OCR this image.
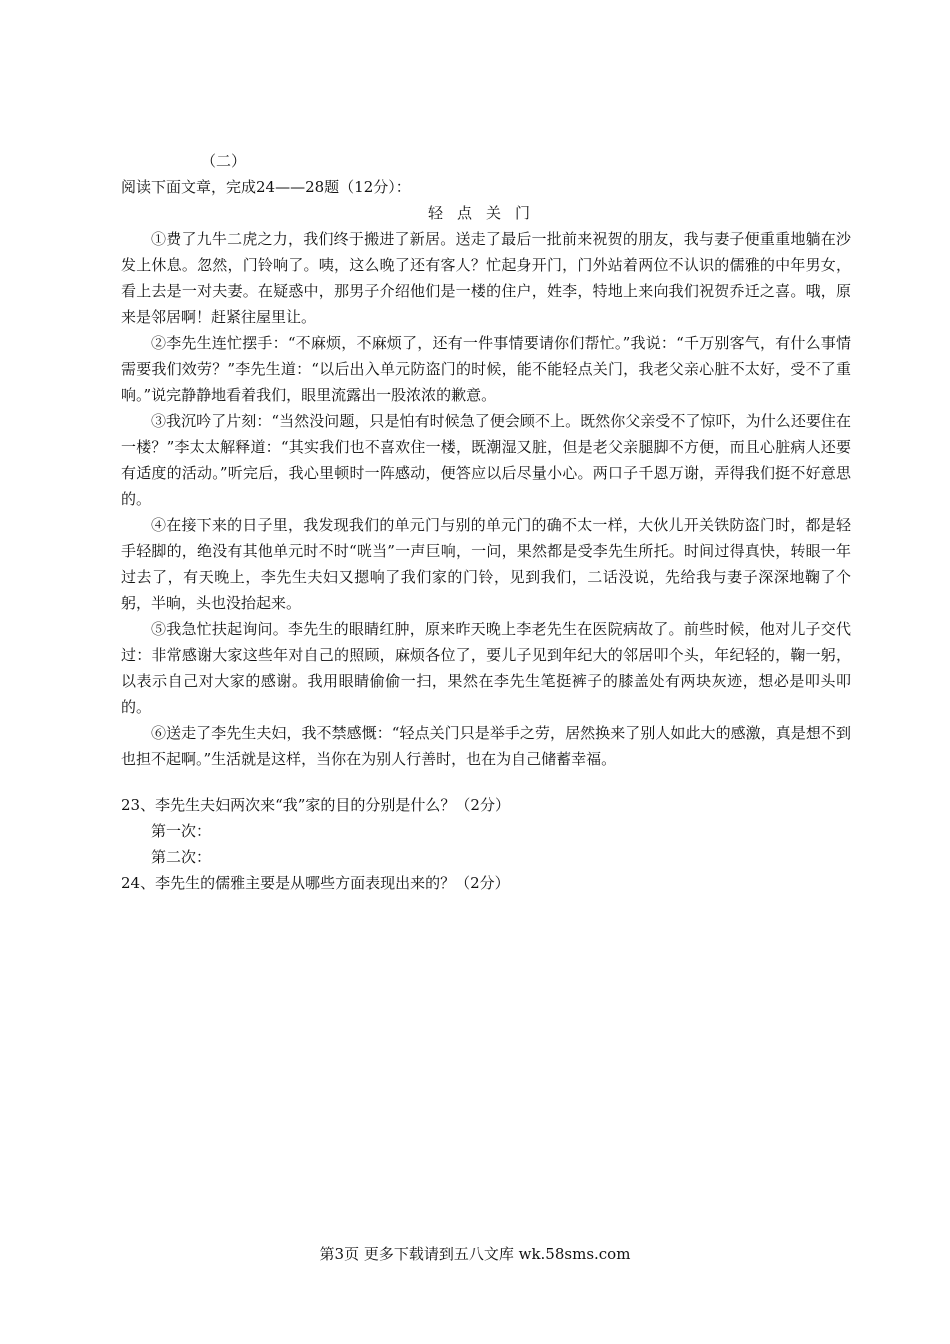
（二）
阅读下面文章，完成24——28题（12分）：
轻点关门

①费了九牛二虎之力，我们终于搬进了新居。送走了最后一批前来祝贺的朋友，我与妻子便重重地躺在沙发上休息。忽然，门铃响了。咦，这么晚了还有客人？忙起身开门，门外站着两位不认识的儒雅的中年男女，看上去是一对夫妻。在疑惑中，那男子介绍他们是一楼的住户，姓李，特地上来向我们祝贺乔迁之喜。哦，原来是邻居啊！赶紧往屋里让。

②李先生连忙摆手：“不麻烦，不麻烦了，还有一件事情要请你们帮忙。”我说：“千万别客气，有什么事情需要我们效劳？”李先生道：“以后出入单元防盗门的时候，能不能轻点关门，我老父亲心脏不太好，受不了重响。”说完静静地看着我们，眼里流露出一股浓浓的歉意。

③我沉吟了片刻：“当然没问题，只是怕有时候急了便会顾不上。既然你父亲受不了惊吓，为什么还要住在一楼？”李太太解释道：“其实我们也不喜欢住一楼，既潮湿又脏，但是老父亲腿脚不方便，而且心脏病人还要有适度的活动。”听完后，我心里顿时一阵感动，便答应以后尽量小心。两口子千恩万谢，弄得我们挺不好意思的。

④在接下来的日子里，我发现我们的单元门与别的单元门的确不太一样，大伙儿开关铁防盗门时，都是轻手轻脚的，绝没有其他单元时不时“咣当”一声巨响，一问，果然都是受李先生所托。时间过得真快，转眼一年过去了，有天晚上，李先生夫妇又摁响了我们家的门铃，见到我们，二话没说，先给我与妻子深深地鞠了个躬，半晌，头也没抬起来。

⑤我急忙扶起询问。李先生的眼睛红肿，原来昨天晚上李老先生在医院病故了。前些时候，他对儿子交代过：非常感谢大家这些年对自己的照顾，麻烦各位了，要儿子见到年纪大的邻居叩个头，年纪轻的，鞠一躬，以表示自己对大家的感谢。我用眼睛偷偷一扫，果然在李先生笔挺裤子的膝盖处有两块灰迹，想必是叩头叩的。

⑥送走了李先生夫妇，我不禁感慨：“轻点关门只是举手之劳，居然换来了别人如此大的感激，真是想不到也担不起啊。”生活就是这样，当你在为别人行善时，也在为自己储蓄幸福。

23、李先生夫妇两次来“我”家的目的分别是什么？（2分）

第一次：

第二次：

24、李先生的儒雅主要是从哪些方面表现出来的？（2分）

第3页 更多下载请到五八文库 wk.58sms.com
